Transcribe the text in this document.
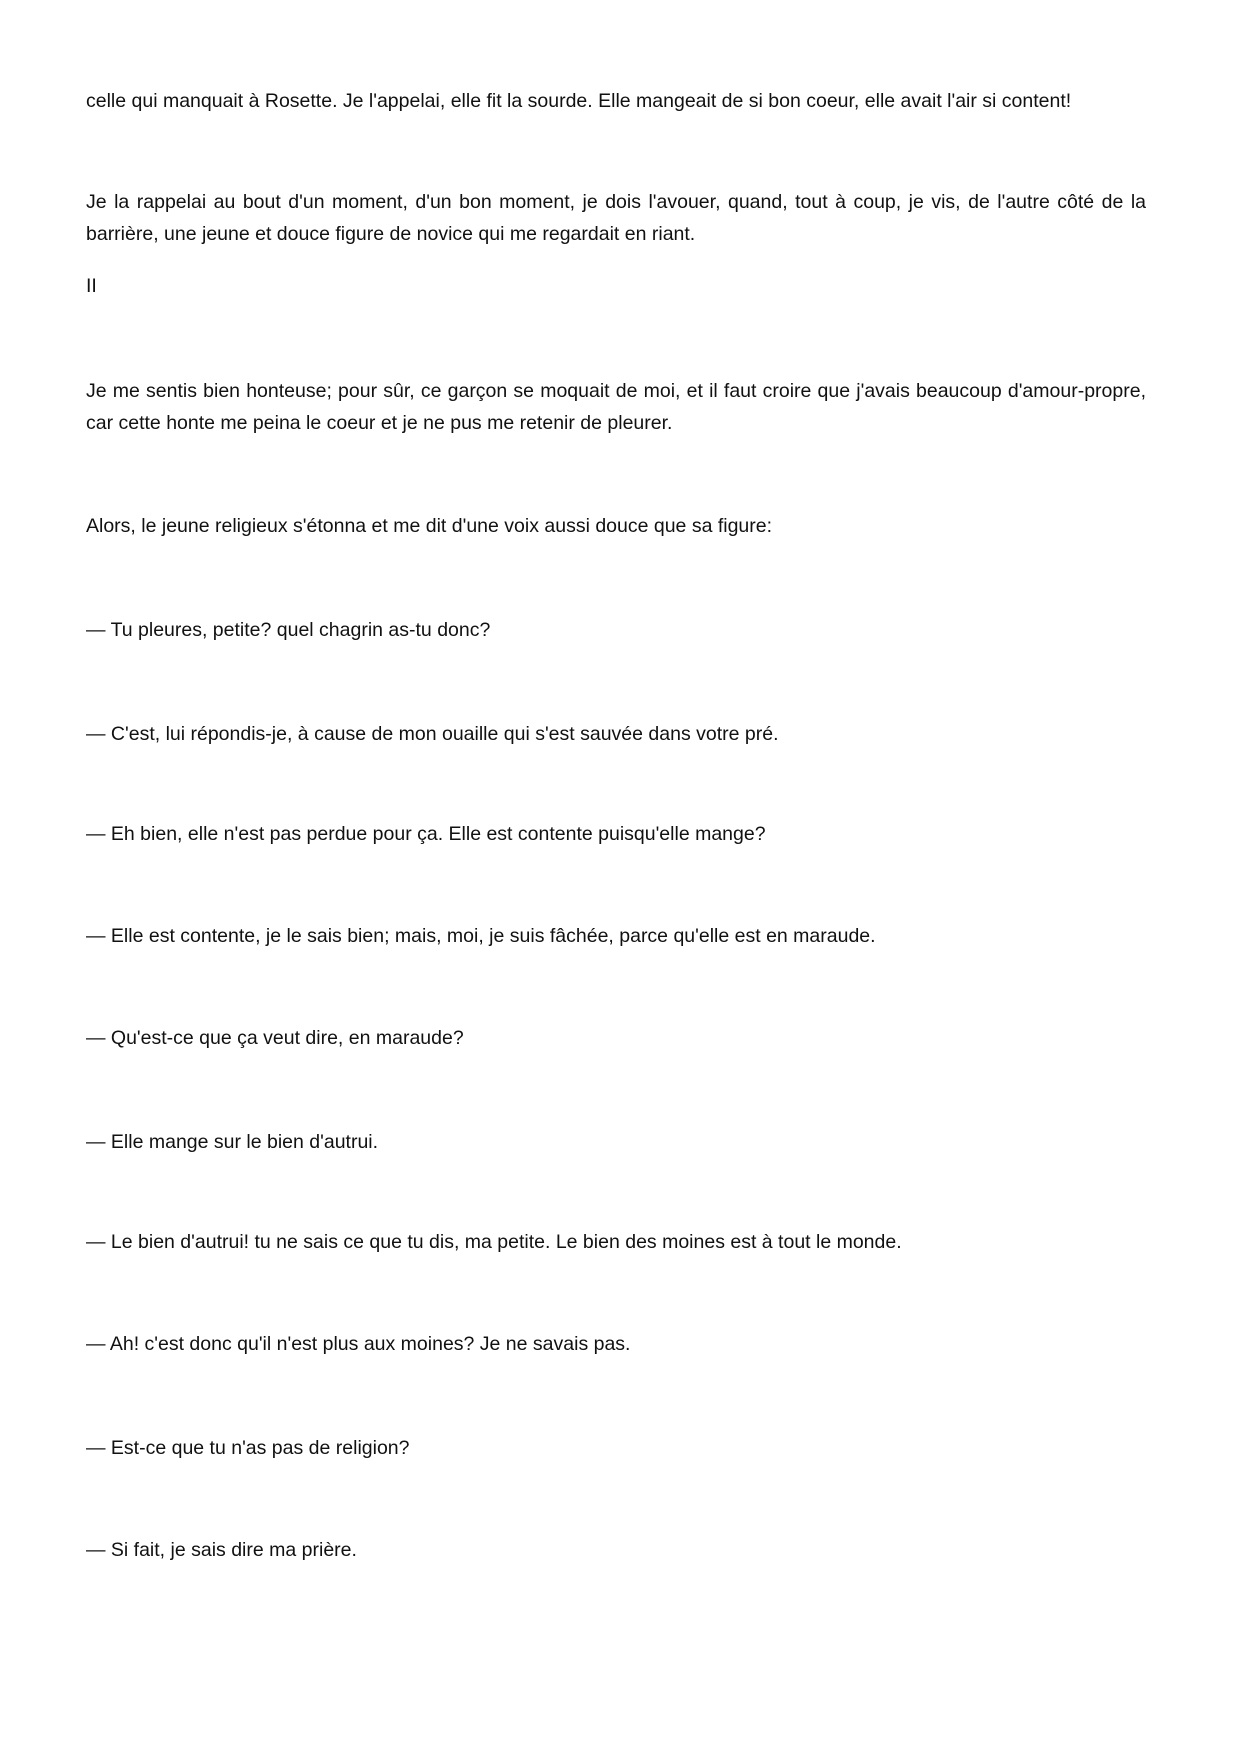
celle qui manquait à Rosette. Je l'appelai, elle fit la sourde. Elle mangeait de si bon coeur, elle avait l'air si content!

Je la rappelai au bout d'un moment, d'un bon moment, je dois l'avouer, quand, tout à coup, je vis, de l'autre côté de la barrière, une jeune et douce figure de novice qui me regardait en riant.

II

Je me sentis bien honteuse; pour sûr, ce garçon se moquait de moi, et il faut croire que j'avais beaucoup d'amour-propre, car cette honte me peina le coeur et je ne pus me retenir de pleurer.

Alors, le jeune religieux s'étonna et me dit d'une voix aussi douce que sa figure:

— Tu pleures, petite? quel chagrin as-tu donc?

— C'est, lui répondis-je, à cause de mon ouaille qui s'est sauvée dans votre pré.

— Eh bien, elle n'est pas perdue pour ça. Elle est contente puisqu'elle mange?

— Elle est contente, je le sais bien; mais, moi, je suis fâchée, parce qu'elle est en maraude.

— Qu'est-ce que ça veut dire, en maraude?

— Elle mange sur le bien d'autrui.

— Le bien d'autrui! tu ne sais ce que tu dis, ma petite. Le bien des moines est à tout le monde.

— Ah! c'est donc qu'il n'est plus aux moines? Je ne savais pas.

— Est-ce que tu n'as pas de religion?

— Si fait, je sais dire ma prière.
